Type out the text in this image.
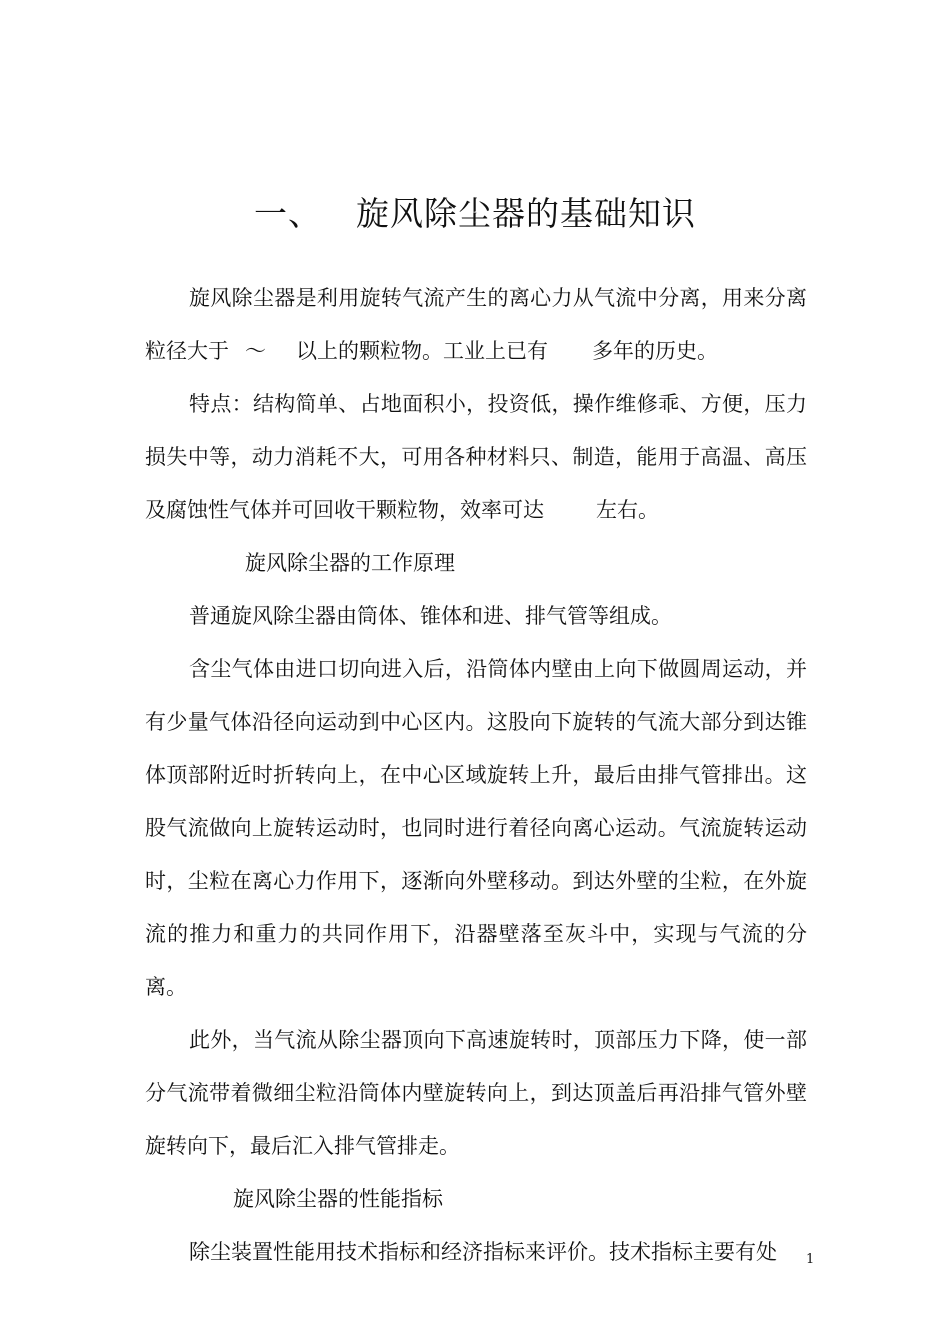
一、 旋风除尘器的基础知识

旋风除尘器是利用旋转气流产生的离心力从气流中分离，用来分离粒径大于 ～ 以上的颗粒物。工业上已有 多年的历史。

特点：结构简单、占地面积小，投资低，操作维修乖、方便，压力损失中等，动力消耗不大，可用各种材料只、制造，能用于高温、高压及腐蚀性气体并可回收干颗粒物，效率可达 左右。

旋风除尘器的工作原理

普通旋风除尘器由筒体、锥体和进、排气管等组成。

含尘气体由进口切向进入后，沿筒体内壁由上向下做圆周运动，并有少量气体沿径向运动到中心区内。这股向下旋转的气流大部分到达锥体顶部附近时折转向上，在中心区域旋转上升，最后由排气管排出。这股气流做向上旋转运动时，也同时进行着径向离心运动。气流旋转运动时，尘粒在离心力作用下，逐渐向外壁移动。到达外壁的尘粒，在外旋流的推力和重力的共同作用下，沿器壁落至灰斗中，实现与气流的分离。

此外，当气流从除尘器顶向下高速旋转时，顶部压力下降，使一部分气流带着微细尘粒沿筒体内壁旋转向上，到达顶盖后再沿排气管外壁旋转向下，最后汇入排气管排走。

旋风除尘器的性能指标

除尘装置性能用技术指标和经济指标来评价。技术指标主要有处	1
